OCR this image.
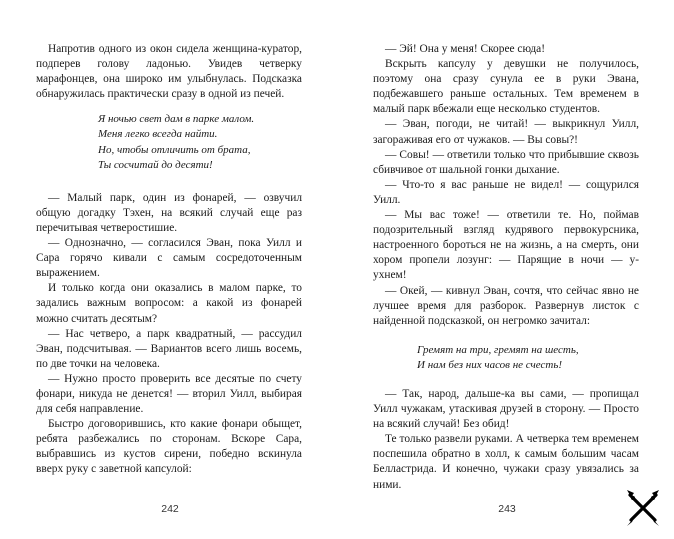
Напротив одного из окон сидела женщина-куратор, подперев голову ладонью. Увидев четверку марафонцев, она широко им улыбнулась. Подсказка обнаружилась практически сразу в одной из печей.

Я ночью свет дам в парке малом.
Меня легко всегда найти.
Но, чтобы отличить от брата,
Ты сосчитай до десяти!

— Малый парк, один из фонарей, — озвучил общую догадку Тэхен, на всякий случай еще раз перечитывая четверостишие.

— Однозначно, — согласился Эван, пока Уилл и Сара горячо кивали с самым сосредоточенным выражением.

И только когда они оказались в малом парке, то задались важным вопросом: а какой из фонарей можно считать десятым?

— Нас четверо, а парк квадратный, — рассудил Эван, подсчитывая. — Вариантов всего лишь восемь, по две точки на человека.

— Нужно просто проверить все десятые по счету фонари, никуда не денется! — вторил Уилл, выбирая для себя направление.

Быстро договорившись, кто какие фонари обыщет, ребята разбежались по сторонам. Вскоре Сара, выбравшись из кустов сирени, победно вскинула вверх руку с заветной капсулой:

242

— Эй! Она у меня! Скорее сюда!

Вскрыть капсулу у девушки не получилось, поэтому она сразу сунула ее в руки Эвана, подбежавшего раньше остальных. Тем временем в малый парк вбежали еще несколько студентов.

— Эван, погоди, не читай! — выкрикнул Уилл, загораживая его от чужаков. — Вы совы?!

— Совы! — ответили только что прибывшие сквозь сбивчивое от шальной гонки дыхание.

— Что-то я вас раньше не видел! — сощурился Уилл.

— Мы вас тоже! — ответили те. Но, поймав подозрительный взгляд кудрявого первокурсника, настроенного бороться не на жизнь, а на смерть, они хором пропели лозунг: — Парящие в ночи — у-ухнем!

— Окей, — кивнул Эван, сочтя, что сейчас явно не лучшее время для разборок. Развернув листок с найденной подсказкой, он негромко зачитал:

Гремят на три, гремят на шесть,
И нам без них часов не счесть!

— Так, народ, дальше-ка вы сами, — пропищал Уилл чужакам, утаскивая друзей в сторону. — Просто на всякий случай! Без обид!

Те только развели руками. А четверка тем временем поспешила обратно в холл, к самым большим часам Белластрида. И конечно, чужаки сразу увязались за ними.

243
